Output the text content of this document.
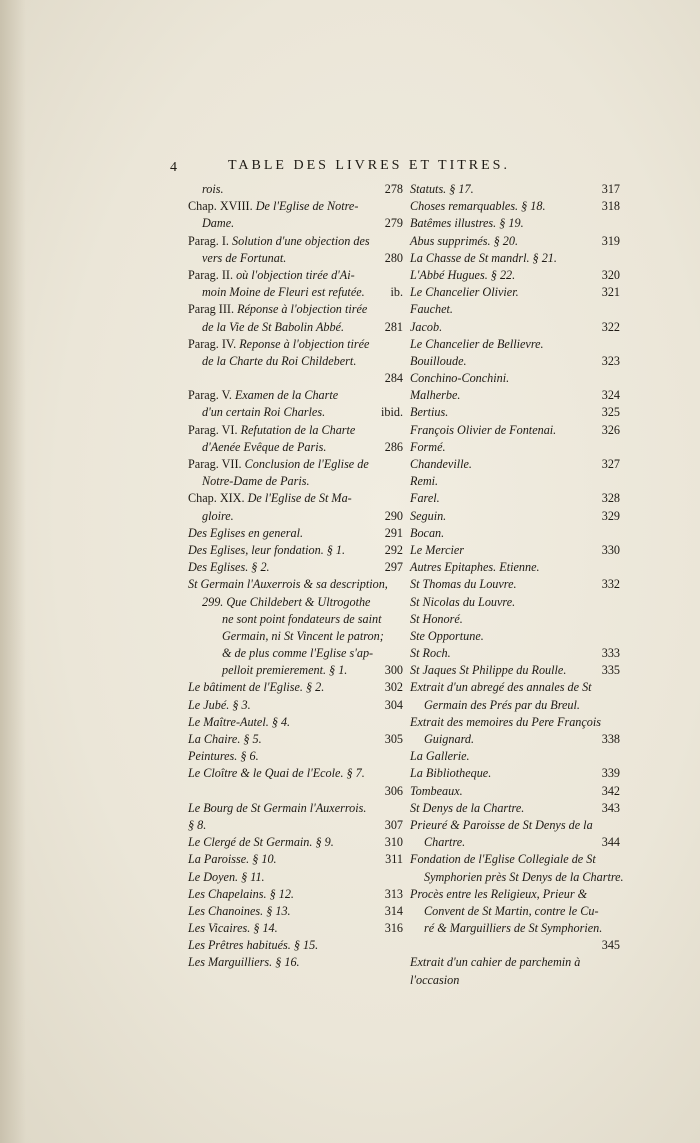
4	TABLE DES LIVRES ET TITRES.
rois.	278
Chap. XVIII. De l'Eglise de Notre-
Dame.	279
Parag. I. Solution d'une objection des
vers de Fortunat.	280
Parag. II. où l'objection tirée d'Ai-
moin Moine de Fleuri est refutée. ib.
Parag III. Réponse à l'objection tirée
de la Vie de St Babolin Abbé.	281
Parag. IV. Reponse à l'objection tirée
de la Charte du Roi Childebert.
284
Parag. V. Examen de la Charte
d'un certain Roi Charles.	ibid.
Parag. VI. Refutation de la Charte
d'Aenée Evêque de Paris.	286
Parag. VII. Conclusion de l'Eglise de
Notre-Dame de Paris.
Chap. XIX. De l'Eglise de St Ma-
gloire.	290
Des Eglises en general.	291
Des Eglises, leur fondation. § 1.	292
Des Eglises. § 2.	297
St Germain l'Auxerrois & sa description,
299. Que Childebert & Ultrogothe
ne sont point fondateurs de saint
Germain, ni St Vincent le patron;
& de plus comme l'Eglise s'ap-
pelloit premierement. § 1.	300
Le bâtiment de l'Eglise. § 2.	302
Le Jubé. § 3.	304
Le Maître-Autel. § 4.
La Chaire. § 5.	305
Peintures. § 6.
Le Cloître & le Quai de l'Ecole. § 7.
306
Le Bourg de St Germain l'Auxerrois.
§ 8.	307
Le Clergé de St Germain. § 9.	310
La Paroisse. § 10.	311
Le Doyen. § 11.
Les Chapelains. § 12.	313
Les Chanoines. § 13.	314
Les Vicaires. § 14.	316
Les Prêtres habitués. § 15.
Les Marguilliers. § 16.
Statuts. § 17.	317
Choses remarquables. § 18.	318
Batêmes illustres. § 19.
Abus supprimés. § 20.	319
La Chasse de St mandrl. § 21.
L'Abbé Hugues. § 22.	320
Le Chancelier Olivier.	321
Fauchet.
Jacob.	322
Le Chancelier de Bellievre.
Bouilloude.	323
Conchino-Conchini.
Malherbe.	324
Bertius.	325
François Olivier de Fontenai.	326
Formé.
Chandeville.	327
Remi.
Farel.	328
Seguin.	329
Bocan.
Le Mercier	330
Autres Epitaphes. Etienne.
St Thomas du Louvre.	332
St Nicolas du Louvre.
St Honoré.
Ste Opportune.
St Roch.	333
St Jaques St Philippe du Roulle.	335
Extrait d'un abregé des annales de St
Germain des Prés par du Breul.
Extrait des memoires du Pere François
Guignard.	338
La Gallerie.
La Bibliotheque.	339
Tombeaux.	342
St Denys de la Chartre.	343
Prieuré & Paroisse de St Denys de la
Chartre.	344
Fondation de l'Eglise Collegiale de St
Symphorien près St Denys de la Chartre.
Procès entre les Religieux, Prieur &
Convent de St Martin, contre le Cu-
ré & Marguilliers de St Symphorien.
345
Extrait d'un cahier de parchemin à
l'occasion
